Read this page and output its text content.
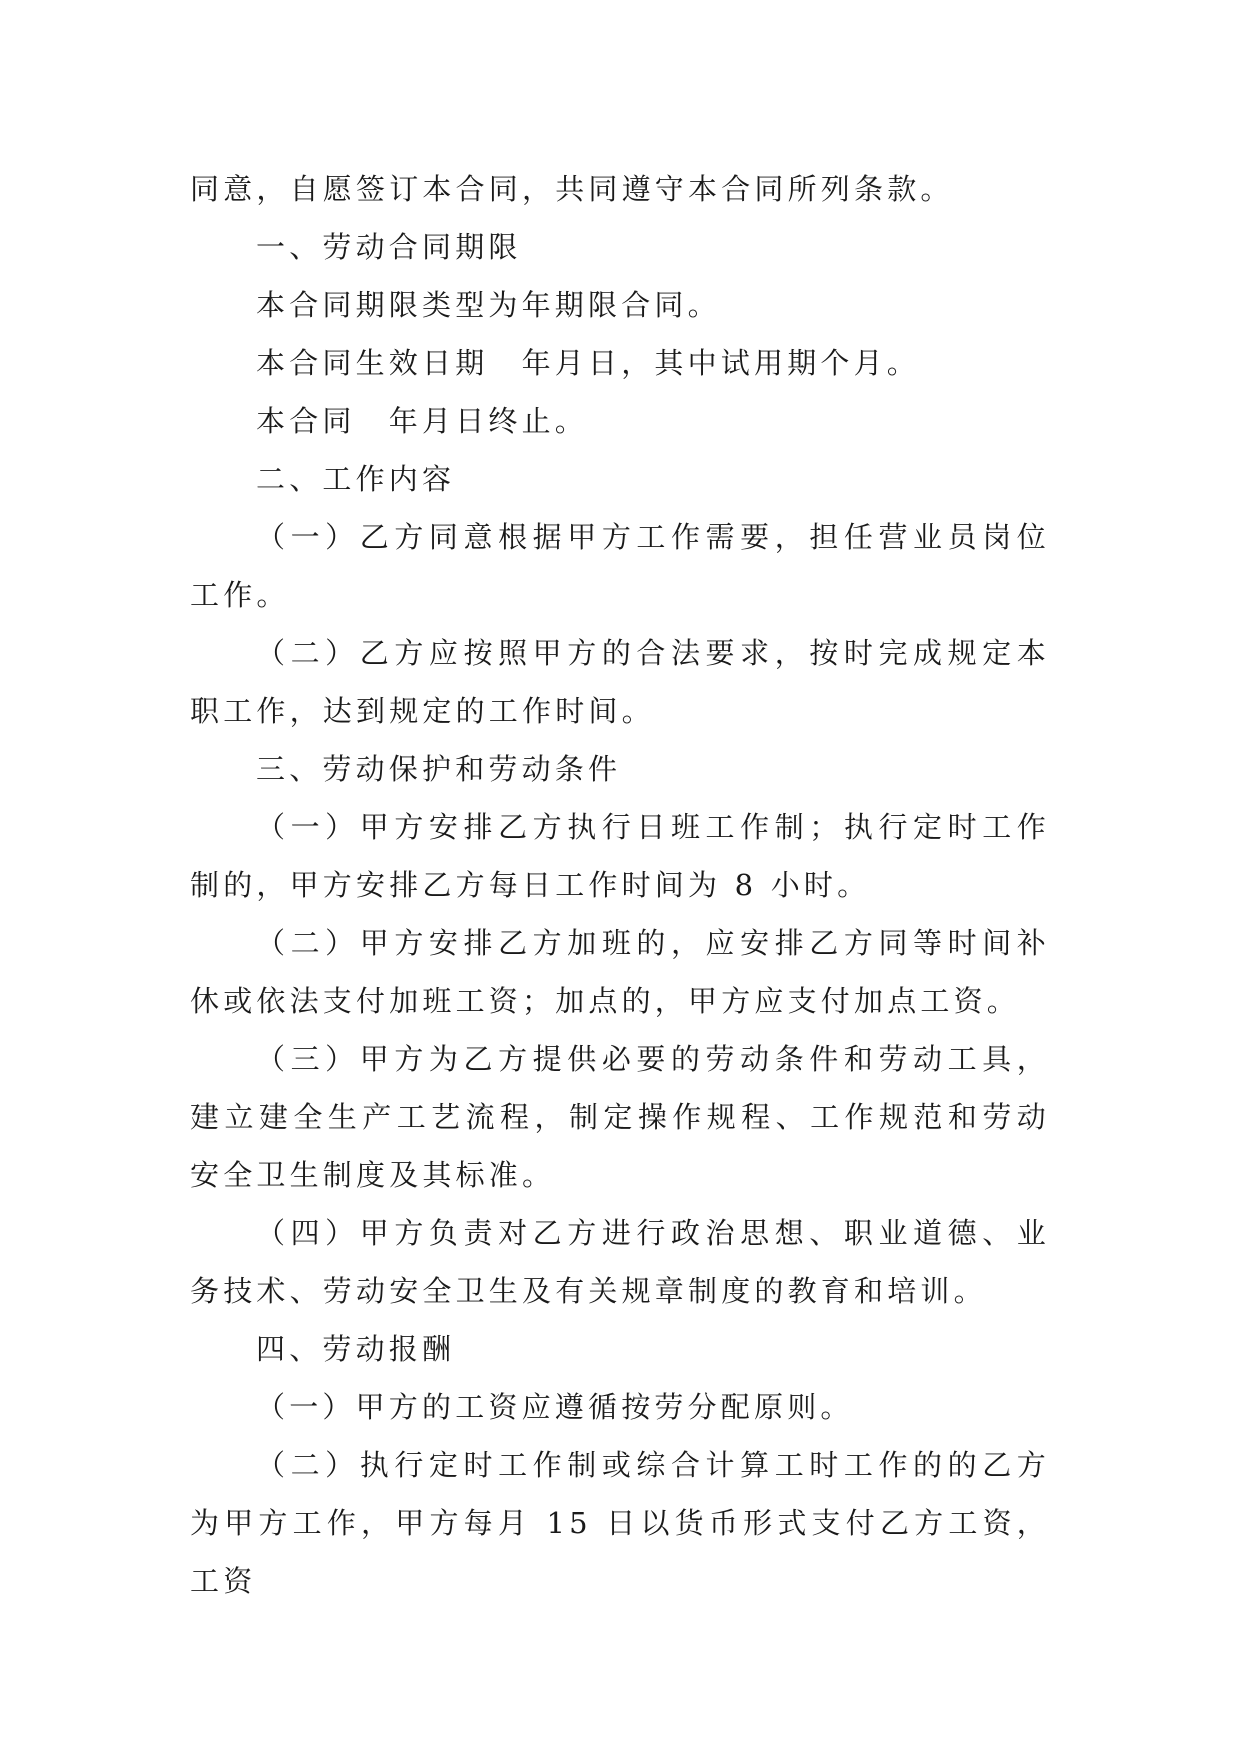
同意，自愿签订本合同，共同遵守本合同所列条款。

一、劳动合同期限

本合同期限类型为年期限合同。

本合同生效日期　年月日，其中试用期个月。

本合同　年月日终止。

二、工作内容

（一）乙方同意根据甲方工作需要，担任营业员岗位工作。

（二）乙方应按照甲方的合法要求，按时完成规定本职工作，达到规定的工作时间。

三、劳动保护和劳动条件

（一）甲方安排乙方执行日班工作制；执行定时工作制的，甲方安排乙方每日工作时间为 8 小时。

（二）甲方安排乙方加班的，应安排乙方同等时间补休或依法支付加班工资；加点的，甲方应支付加点工资。

（三）甲方为乙方提供必要的劳动条件和劳动工具，建立建全生产工艺流程，制定操作规程、工作规范和劳动安全卫生制度及其标准。

（四）甲方负责对乙方进行政治思想、职业道德、业务技术、劳动安全卫生及有关规章制度的教育和培训。

四、劳动报酬

（一）甲方的工资应遵循按劳分配原则。

（二）执行定时工作制或综合计算工时工作的的乙方为甲方工作，甲方每月 15 日以货币形式支付乙方工资，工资
